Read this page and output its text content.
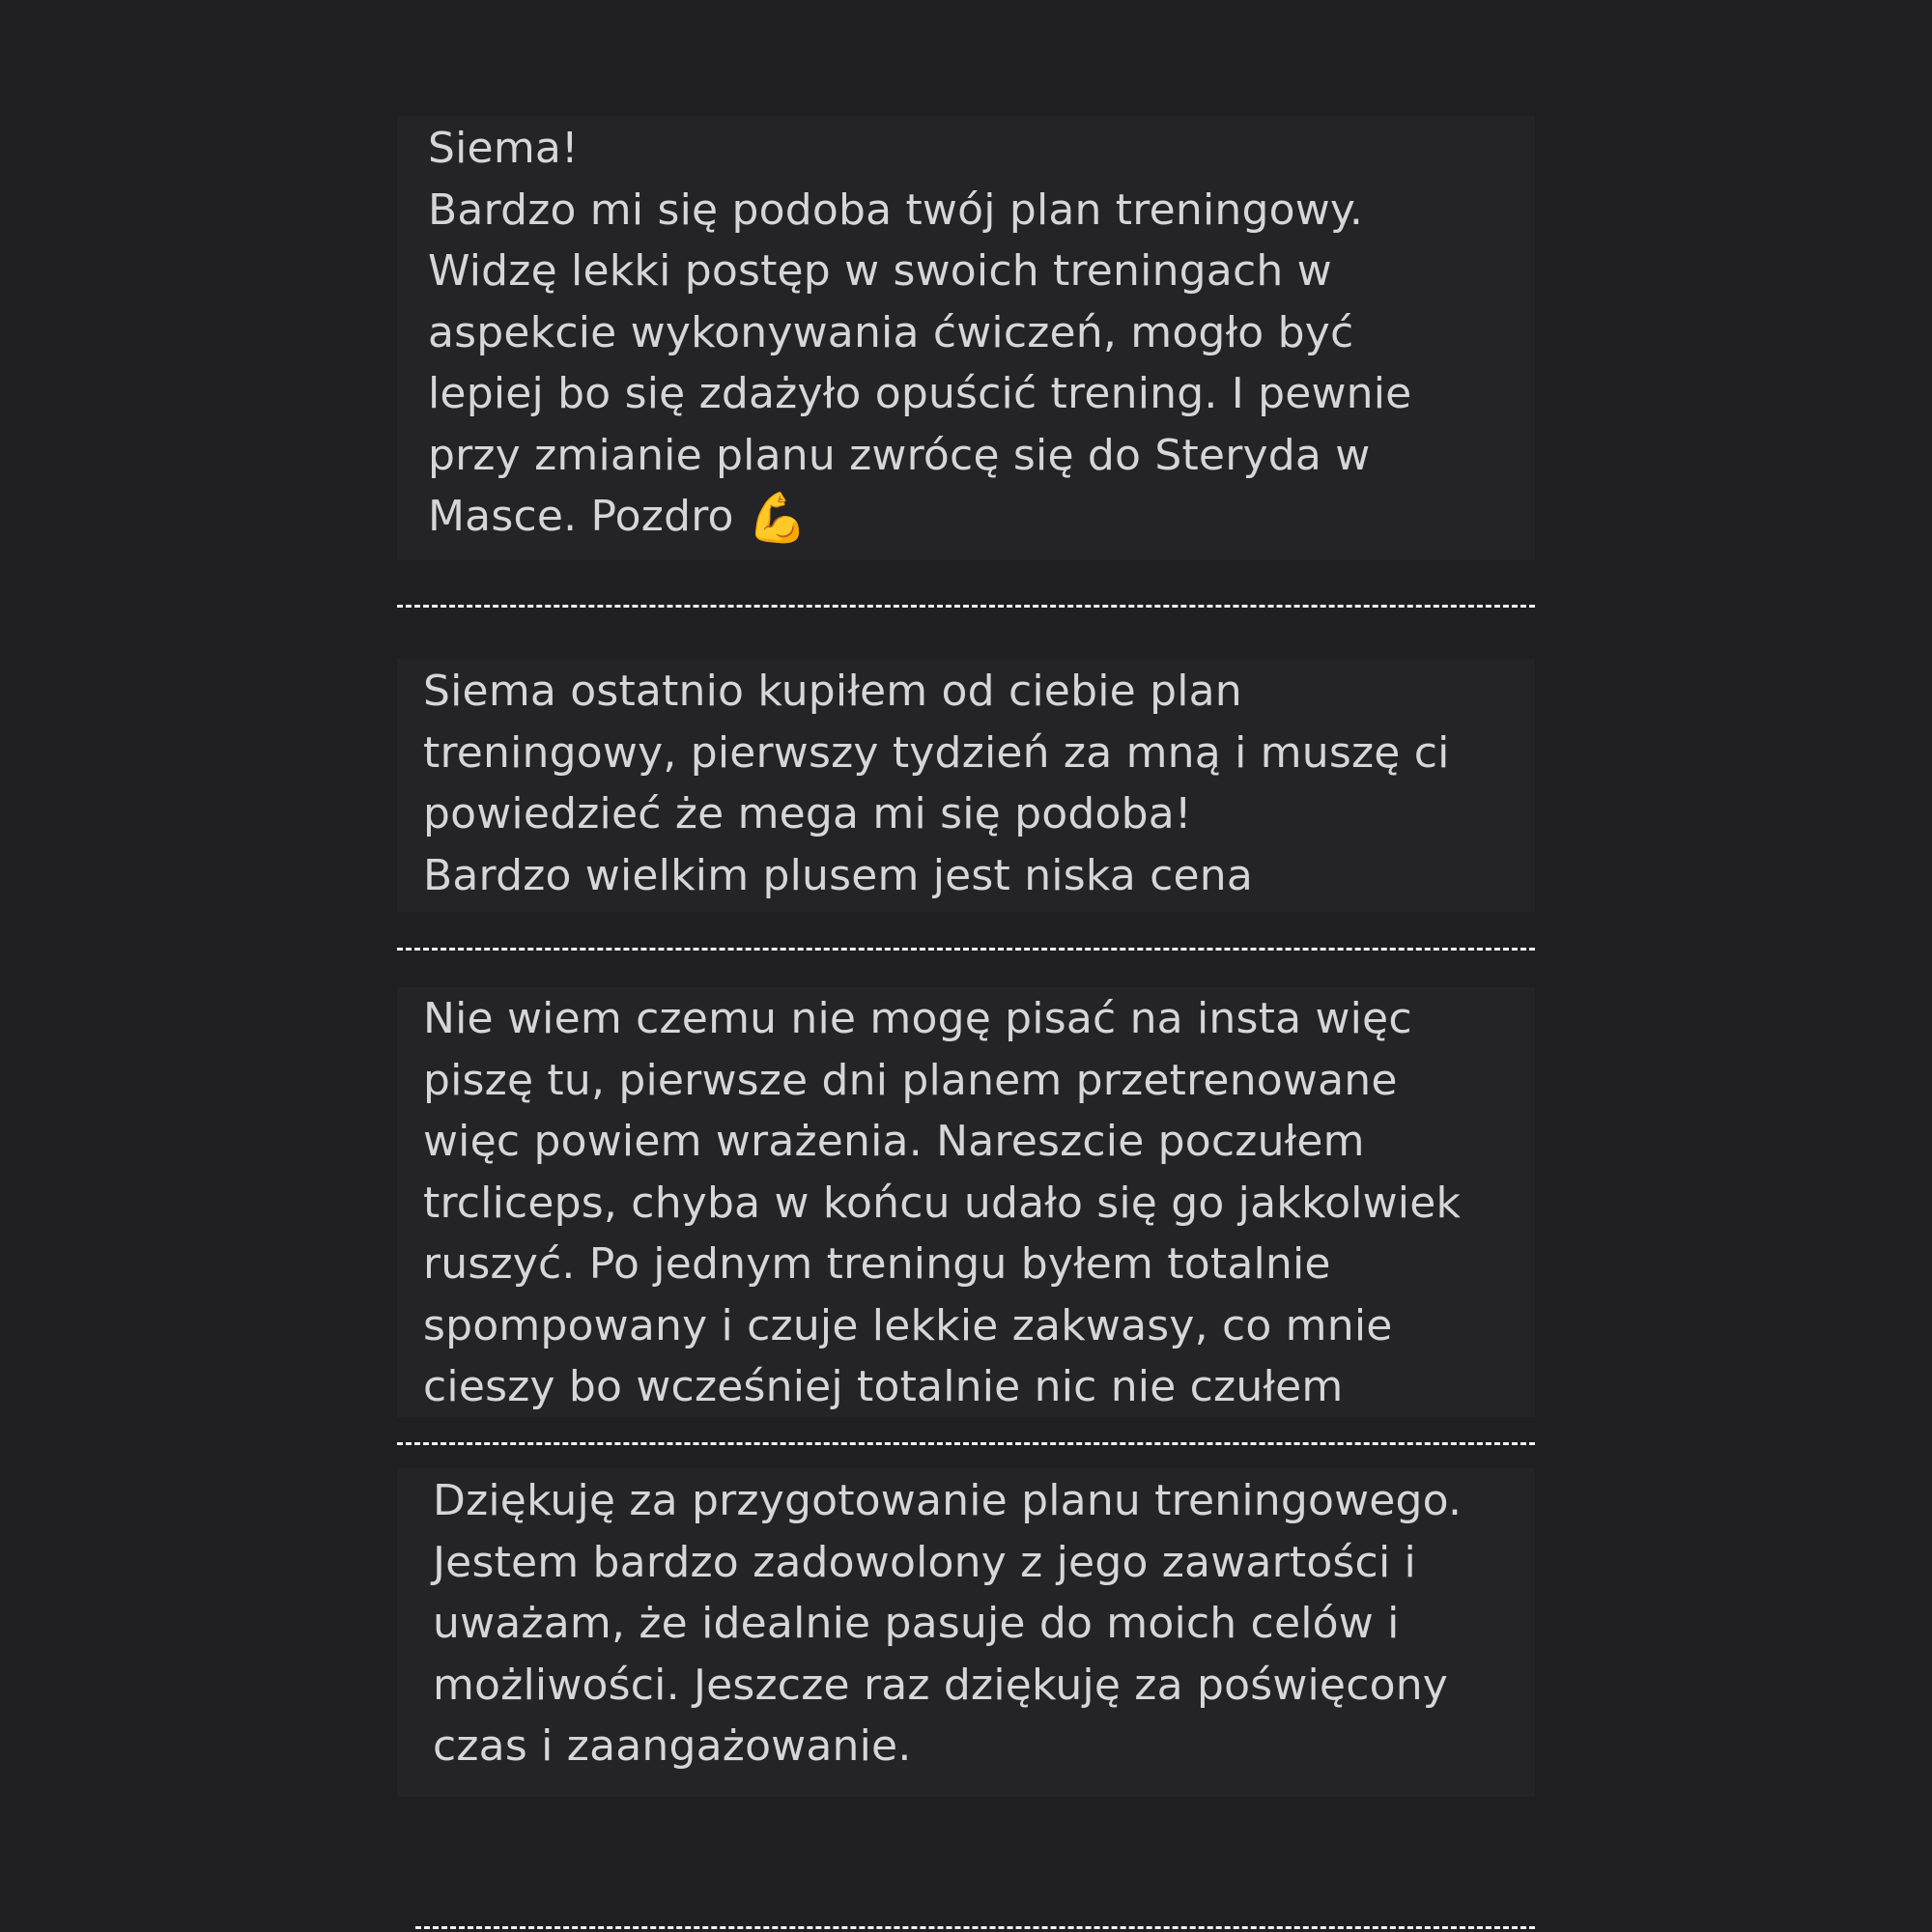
Siema!
Bardzo mi się podoba twój plan treningowy.
Widzę lekki postęp w swoich treningach w
aspekcie wykonywania ćwiczeń, mogło być
lepiej bo się zdażyło opuścić trening. I pewnie
przy zmianie planu zwrócę się do Steryda w
Masce. Pozdro 💪
Siema ostatnio kupiłem od ciebie plan
treningowy, pierwszy tydzień za mną i muszę ci
powiedzieć że mega mi się podoba!
Bardzo wielkim plusem jest niska cena
Nie wiem czemu nie mogę pisać na insta więc
piszę tu, pierwsze dni planem przetrenowane
więc powiem wrażenia. Nareszcie poczułem
trcliceps, chyba w końcu udało się go jakkolwiek
ruszyć. Po jednym treningu byłem totalnie
spompowany i czuje lekkie zakwasy, co mnie
cieszy bo wcześniej totalnie nic nie czułem
Dziękuję za przygotowanie planu treningowego.
Jestem bardzo zadowolony z jego zawartości i
uważam, że idealnie pasuje do moich celów i
możliwości. Jeszcze raz dziękuję za poświęcony
czas i zaangażowanie.
